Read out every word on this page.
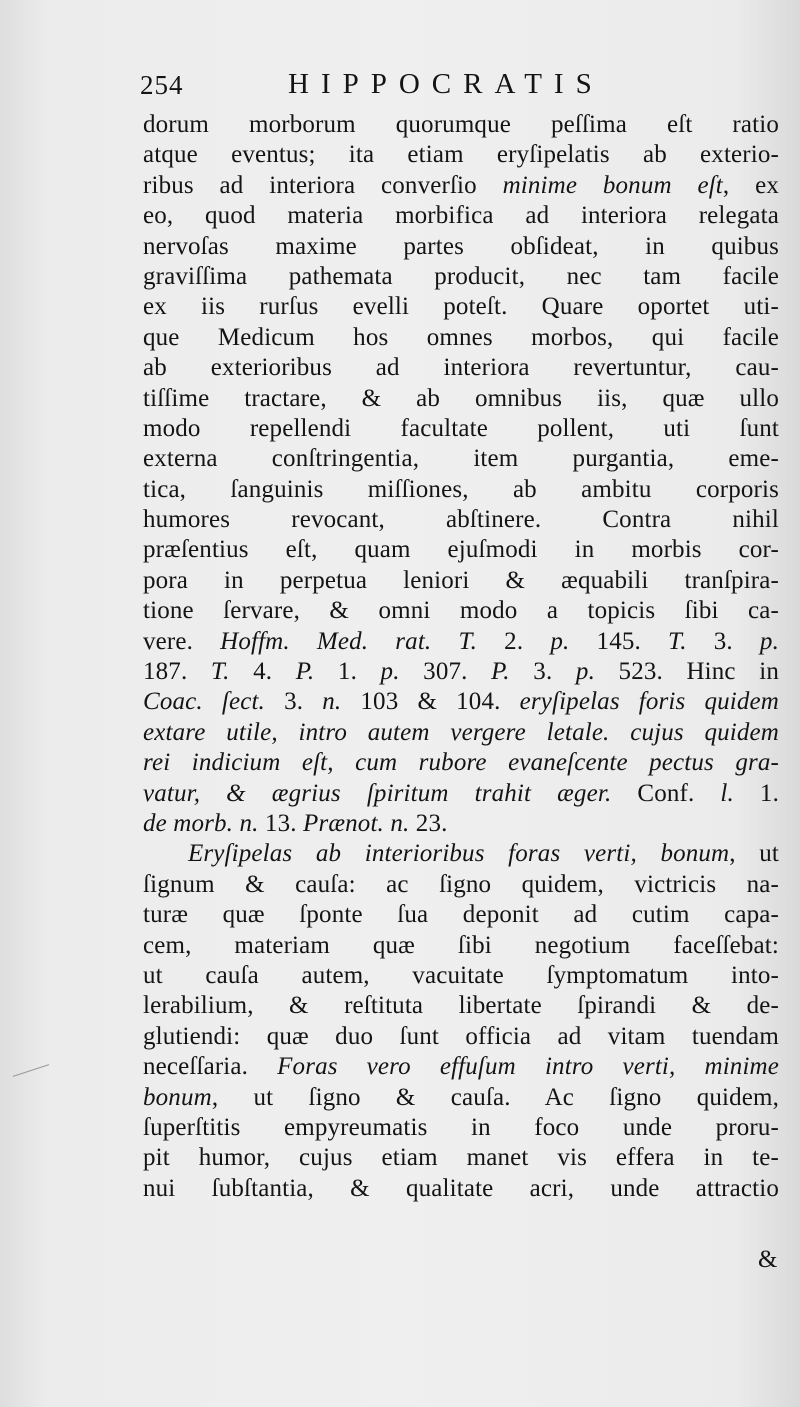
254	HIPPOCRATIS
dorum morborum quorumque peſſima eſt ratio
atque eventus; ita etiam eryſipelatis ab exterio-
ribus ad interiora converſio minime bonum eſt, ex
eo, quod materia morbifica ad interiora relegata
nervoſas maxime partes obſideat, in quibus
graviſſima pathemata producit, nec tam facile
ex iis rurſus evelli poteſt. Quare oportet uti-
que Medicum hos omnes morbos, qui facile
ab exterioribus ad interiora revertuntur, cau-
tiſſime tractare, & ab omnibus iis, quæ ullo
modo repellendi facultate pollent, uti ſunt
externa conſtringentia, item purgantia, eme-
tica, ſanguinis miſſiones, ab ambitu corporis
humores revocant, abſtinere. Contra nihil
præſentius eſt, quam ejuſmodi in morbis cor-
pora in perpetua leniori & æquabili tranſpira-
tione ſervare, & omni modo a topicis ſibi ca-
vere. Hoffm. Med. rat. T. 2. p. 145. T. 3. p.
187. T. 4. P. 1. p. 307. P. 3. p. 523. Hinc in
Coac. ſect. 3. n. 103 & 104. eryſipelas foris quidem
extare utile, intro autem vergere letale. cujus quidem
rei indicium eſt, cum rubore evaneſcente pectus gra-
vatur, & ægrius ſpiritum trahit æger. Conf. l. 1.
de morb. n. 13. Prænot. n. 23.
Eryſipelas ab interioribus foras verti, bonum, ut
ſignum & cauſa: ac ſigno quidem, victricis na-
turæ quæ ſponte ſua deponit ad cutim capa-
cem, materiam quæ ſibi negotium faceſſebat:
ut cauſa autem, vacuitate ſymptomatum into-
lerabilium, & reſtituta libertate ſpirandi & de-
glutiendi: quæ duo ſunt officia ad vitam tuendam
neceſſaria. Foras vero effuſum intro verti, minime
bonum, ut ſigno & cauſa. Ac ſigno quidem,
ſuperſtitis empyreumatis in foco unde proru-
pit humor, cujus etiam manet vis effera in te-
nui ſubſtantia, & qualitate acri, unde attractio
&
